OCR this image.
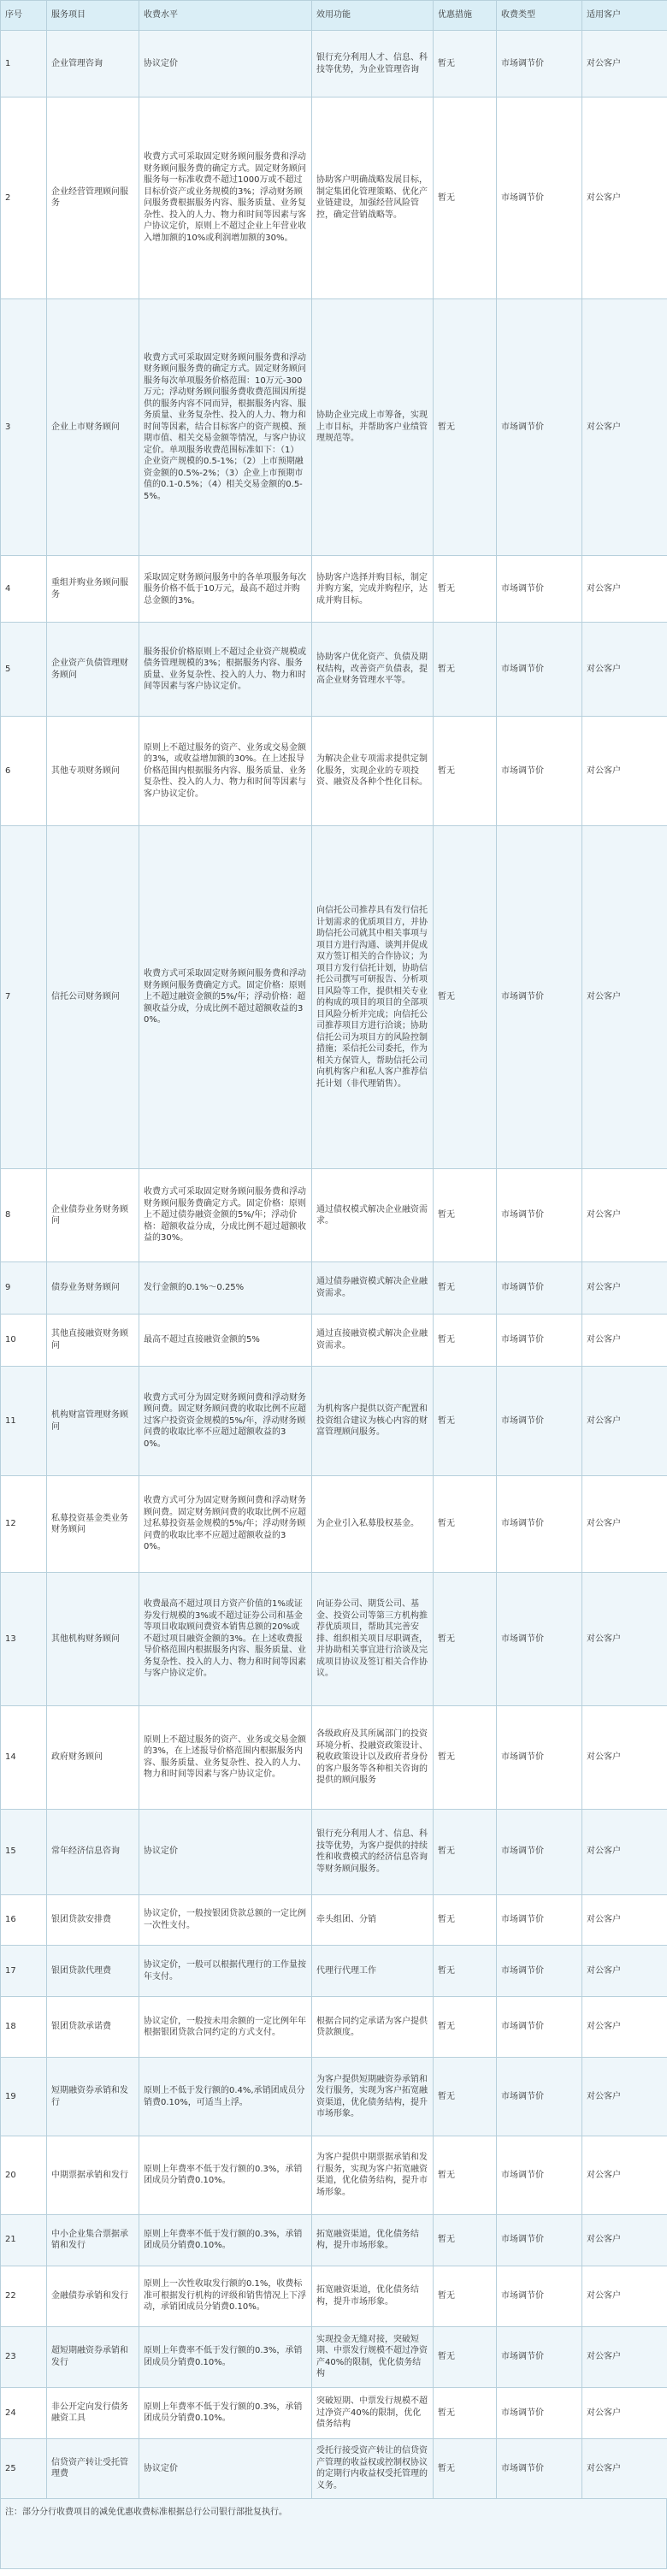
序号	服务项目	收费水平	效用功能	优惠措施	收费类型	适用客户
1	企业管理咨询	协议定价	银行充分利用人才、信息、科技等优势，为企业管理咨询	暂无	市场调节价	对公客户
2	企业经营管理顾问服务	收费方式可采取固定财务顾问服务费和浮动财务顾问服务费的确定方式。固定财务顾问服务每一标准收费不超过1000万或不超过目标价资产或业务规模的3%；浮动财务顾问服务费根据服务内容、服务质量、业务复杂性、投入的人力、物力和时间等因素与客户协议定价，原则上不超过企业上年营业收入增加额的10%或利润增加额的30%。	协助客户明确战略发展目标，制定集团化管理策略、优化产业链建设，加强经营风险管控，确定营销战略等。	暂无	市场调节价	对公客户
3	企业上市财务顾问	收费方式可采取固定财务顾问服务费和浮动财务顾问服务费的确定方式。固定财务顾问服务每次单项服务价格范围：10万元-300万元；浮动财务顾问服务费收费范围因所提供的服务内容不同而异，根据服务内容、服务质量、业务复杂性、投入的人力、物力和时间等因素，结合目标客户的资产规模、预期市值、相关交易金额等情况，与客户协议定价。单项服务收费范围标准如下：（1）企业资产规模的0.5-1%；（2）上市预期融资金额的0.5%-2%；（3）企业上市预期市值的0.1-0.5%；（4）相关交易金额的0.5-5%。	协助企业完成上市筹备，实现上市目标，并帮助客户业绩管理规范等。	暂无	市场调节价	对公客户
4	重组并购业务顾问服务	采取固定财务顾问服务中的各单项服务每次服务价格不低于10万元，最高不超过并购总金额的3%。	协助客户选择并购目标，制定并购方案，完成并购程序，达成并购目标。	暂无	市场调节价	对公客户
5	企业资产负债管理财务顾问	服务报价价格原则上不超过企业资产规模或债务管理规模的3%；根据服务内容、服务质量、业务复杂性、投入的人力、物力和时间等因素与客户协议定价。	协助客户优化资产、负债及期权结构，改善资产负债表，提高企业财务管理水平等。	暂无	市场调节价	对公客户
6	其他专项财务顾问	原则上不超过服务的资产、业务或交易金额的3%，或收益增加额的30%。在上述报导价格范围内根据服务内容、服务质量、业务复杂性、投入的人力、物力和时间等因素与客户协议定价。	为解决企业专项需求提供定制化服务，实现企业的专项投资、融资及各种个性化目标。	暂无	市场调节价	对公客户
7	信托公司财务顾问	收费方式可采取固定财务顾问服务费和浮动财务顾问服务费确定方式。固定价格：原则上不超过融资金额的5%/年；浮动价格：超额收益分成，分成比例不超过超额收益的30%。	向信托公司推荐具有发行信托计划需求的优质项目方，并协助信托公司就其中相关事项与项目方进行沟通、谈判并促成双方签订相关的合作协议；为项目方发行信托计划，协助信托公司撰写可研报告、分析项目风险等工作，提供相关专业的构成的项目的项目的全部项目风险分析并完成；向信托公司推荐项目方进行洽谈；协助信托公司为项目方的风险控制措施；采信托公司委托，作为相关方保管人，帮助信托公司向机构客户和私人客户推荐信托计划（非代理销售）。	暂无	市场调节价	对公客户
8	企业债券业务财务顾问	收费方式可采取固定财务顾问服务费和浮动财务顾问服务费确定方式。固定价格：原则上不超过债券融资金额的5%/年；浮动价格：超额收益分成，分成比例不超过超额收益的30%。	通过债权模式解决企业融资需求。	暂无	市场调节价	对公客户
9	债券业务财务顾问	发行金额的0.1%～0.25%	通过债券融资模式解决企业融资需求。	暂无	市场调节价	对公客户
10	其他直接融资财务顾问	最高不超过直接融资金额的5%	通过直接融资模式解决企业融资需求。	暂无	市场调节价	对公客户
11	机构财富管理财务顾问	收费方式可分为固定财务顾问费和浮动财务顾问费。固定财务顾问费的收取比例不应超过客户投资资金规模的5%/年，浮动财务顾问费的收取比率不应超过超额收益的30%。	为机构客户提供以资产配置和投资组合建议为核心内容的财富管理顾问服务。	暂无	市场调节价	对公客户
12	私募投资基金类业务财务顾问	收费方式可分为固定财务顾问费和浮动财务顾问费。固定财务顾问费的收取比例不应超过私募投资基金规模的5%/年；浮动财务顾问费的收取比率不应超过超额收益的30%。	为企业引入私募股权基金。	暂无	市场调节价	对公客户
13	其他机构财务顾问	收费最高不超过项目方资产价值的1%或证券发行规模的3%或不超过证券公司和基金等项目收取顾问费资本销售总额的20%或不超过项目融资金额的3%。在上述收费报导价格范围内根据服务内容、服务质量、业务复杂性、投入的人力、物力和时间等因素与客户协议定价。	向证券公司、期货公司、基金、投资公司等第三方机构推荐优质项目，帮助其完善安排、组织相关项目尽职调查，并协助相关事宜进行洽谈及完成项目协议及签订相关合作协议。	暂无	市场调节价	对公客户
14	政府财务顾问	原则上不超过服务的资产、业务或交易金额的3%，在上述报导价格范围内根据服务内容、服务质量、业务复杂性、投入的人力、物力和时间等因素与客户协议定价。	各级政府及其所属部门的投资环境分析、投融资政策设计、税收政策设计以及政府者身份的客户服务等各种相关咨询的提供的顾问服务	暂无	市场调节价	对公客户
15	常年经济信息咨询	协议定价	银行充分利用人才、信息、科技等优势，为客户提供的持续性和收费模式的经济信息咨询等财务顾问服务。	暂无	市场调节价	对公客户
16	银团贷款安排费	协议定价，一般按银团贷款总额的一定比例一次性支付。	牵头组团、分销	暂无	市场调节价	对公客户
17	银团贷款代理费	协议定价，一般可以根据代理行的工作量按年支付。	代理行代理工作	暂无	市场调节价	对公客户
18	银团贷款承诺费	协议定价，一般按未用余额的一定比例年年根据银团贷款合同约定的方式支付。	根据合同约定承诺为客户提供贷款额度。	暂无	市场调节价	对公客户
19	短期融资券承销和发行	原则上不低于发行额的0.4%,承销团成员分销费0.10%，可适当上浮。	为客户提供短期融资券承销和发行服务，实现为客户拓宽融资渠道，优化债务结构，提升市场形象。	暂无	市场调节价	对公客户
20	中期票据承销和发行	原则上年费率不低于发行额的0.3%，承销团成员分销费0.10%。	为客户提供中期票据承销和发行服务，实现为客户拓宽融资渠道，优化债务结构，提升市场形象。	暂无	市场调节价	对公客户
21	中小企业集合票据承销和发行	原则上年费率不低于发行额的0.3%，承销团成员分销费0.10%。	拓宽融资渠道，优化债务结构，提升市场形象。	暂无	市场调节价	对公客户
22	金融债券承销和发行	原则上一次性收取发行额的0.1%，收费标准可根据发行机构的评级和销售情况上下浮动，承销团成员分销费0.10%。	拓宽融资渠道，优化债务结构，提升市场形象。	暂无	市场调节价	对公客户
23	超短期融资券承销和发行	原则上年费率不低于发行额的0.3%，承销团成员分销费0.10%。	实现投金无缝对接，突破短期、中票发行规模不超过净资产40%的限制，优化债务结构	暂无	市场调节价	对公客户
24	非公开定向发行债务融资工具	原则上年费率不低于发行额的0.3%，承销团成员分销费0.10%。	突破短期、中票发行规模不超过净资产40%的限制，优化债务结构	暂无	市场调节价	对公客户
25	信贷资产转让受托管理费	协议定价	受托行接受资产转让的信贷资产管理的收益权或控制权协议的定期行内收益权受托管理的义务。	暂无	市场调节价	对公客户
注：部分分行收费项目的减免优惠收费标准根据总行公司银行部批复执行。
